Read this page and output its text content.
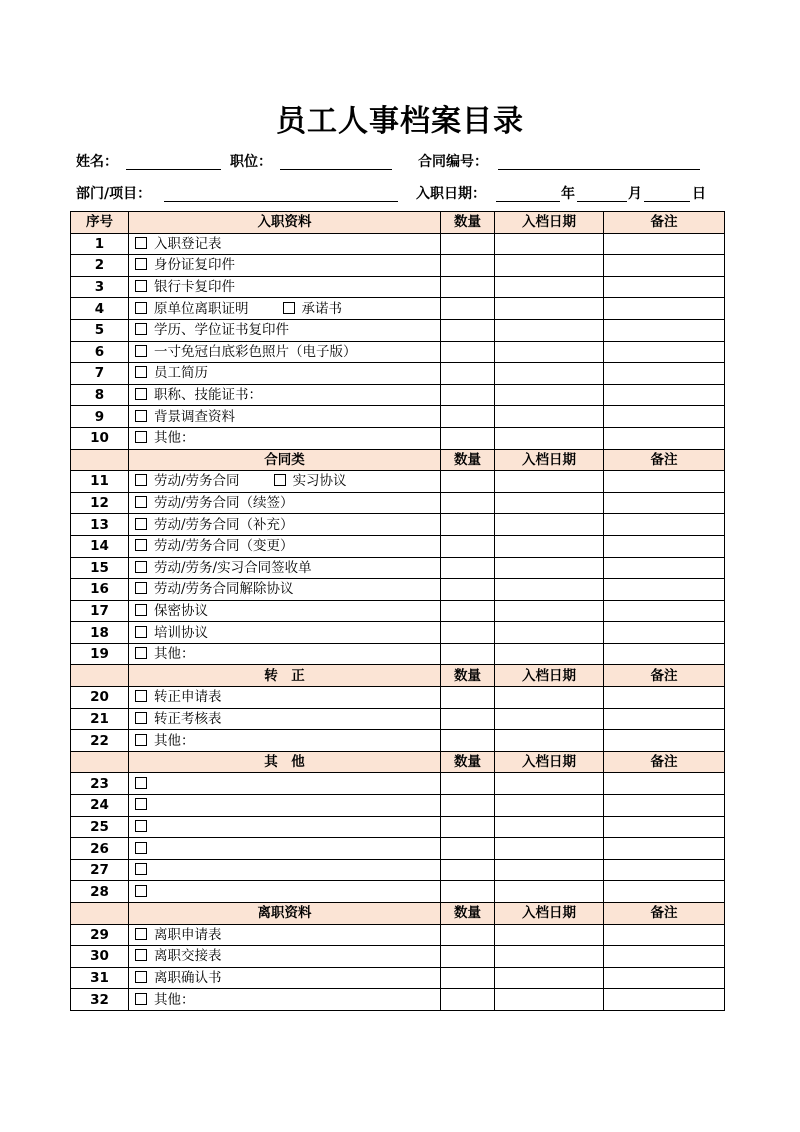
员工人事档案目录
姓名：	职位：	合同编号：
部门/项目：	入职日期：	年	月	日
序号	入职资料	数量	入档日期	备注
1	入职登记表			
2	身份证复印件			
3	银行卡复印件			
4	原单位离职证明 承诺书			
5	学历、学位证书复印件			
6	一寸免冠白底彩色照片（电子版）			
7	员工简历			
8	职称、技能证书：			
9	背景调查资料			
10	其他：			
	合同类	数量	入档日期	备注
11	劳动/劳务合同 实习协议			
12	劳动/劳务合同（续签）			
13	劳动/劳务合同（补充）			
14	劳动/劳务合同（变更）			
15	劳动/劳务/实习合同签收单			
16	劳动/劳务合同解除协议			
17	保密协议			
18	培训协议			
19	其他：			
	转　正	数量	入档日期	备注
20	转正申请表			
21	转正考核表			
22	其他：			
	其　他	数量	入档日期	备注
23				
24				
25				
26				
27				
28				
	离职资料	数量	入档日期	备注
29	离职申请表			
30	离职交接表			
31	离职确认书			
32	其他：			
